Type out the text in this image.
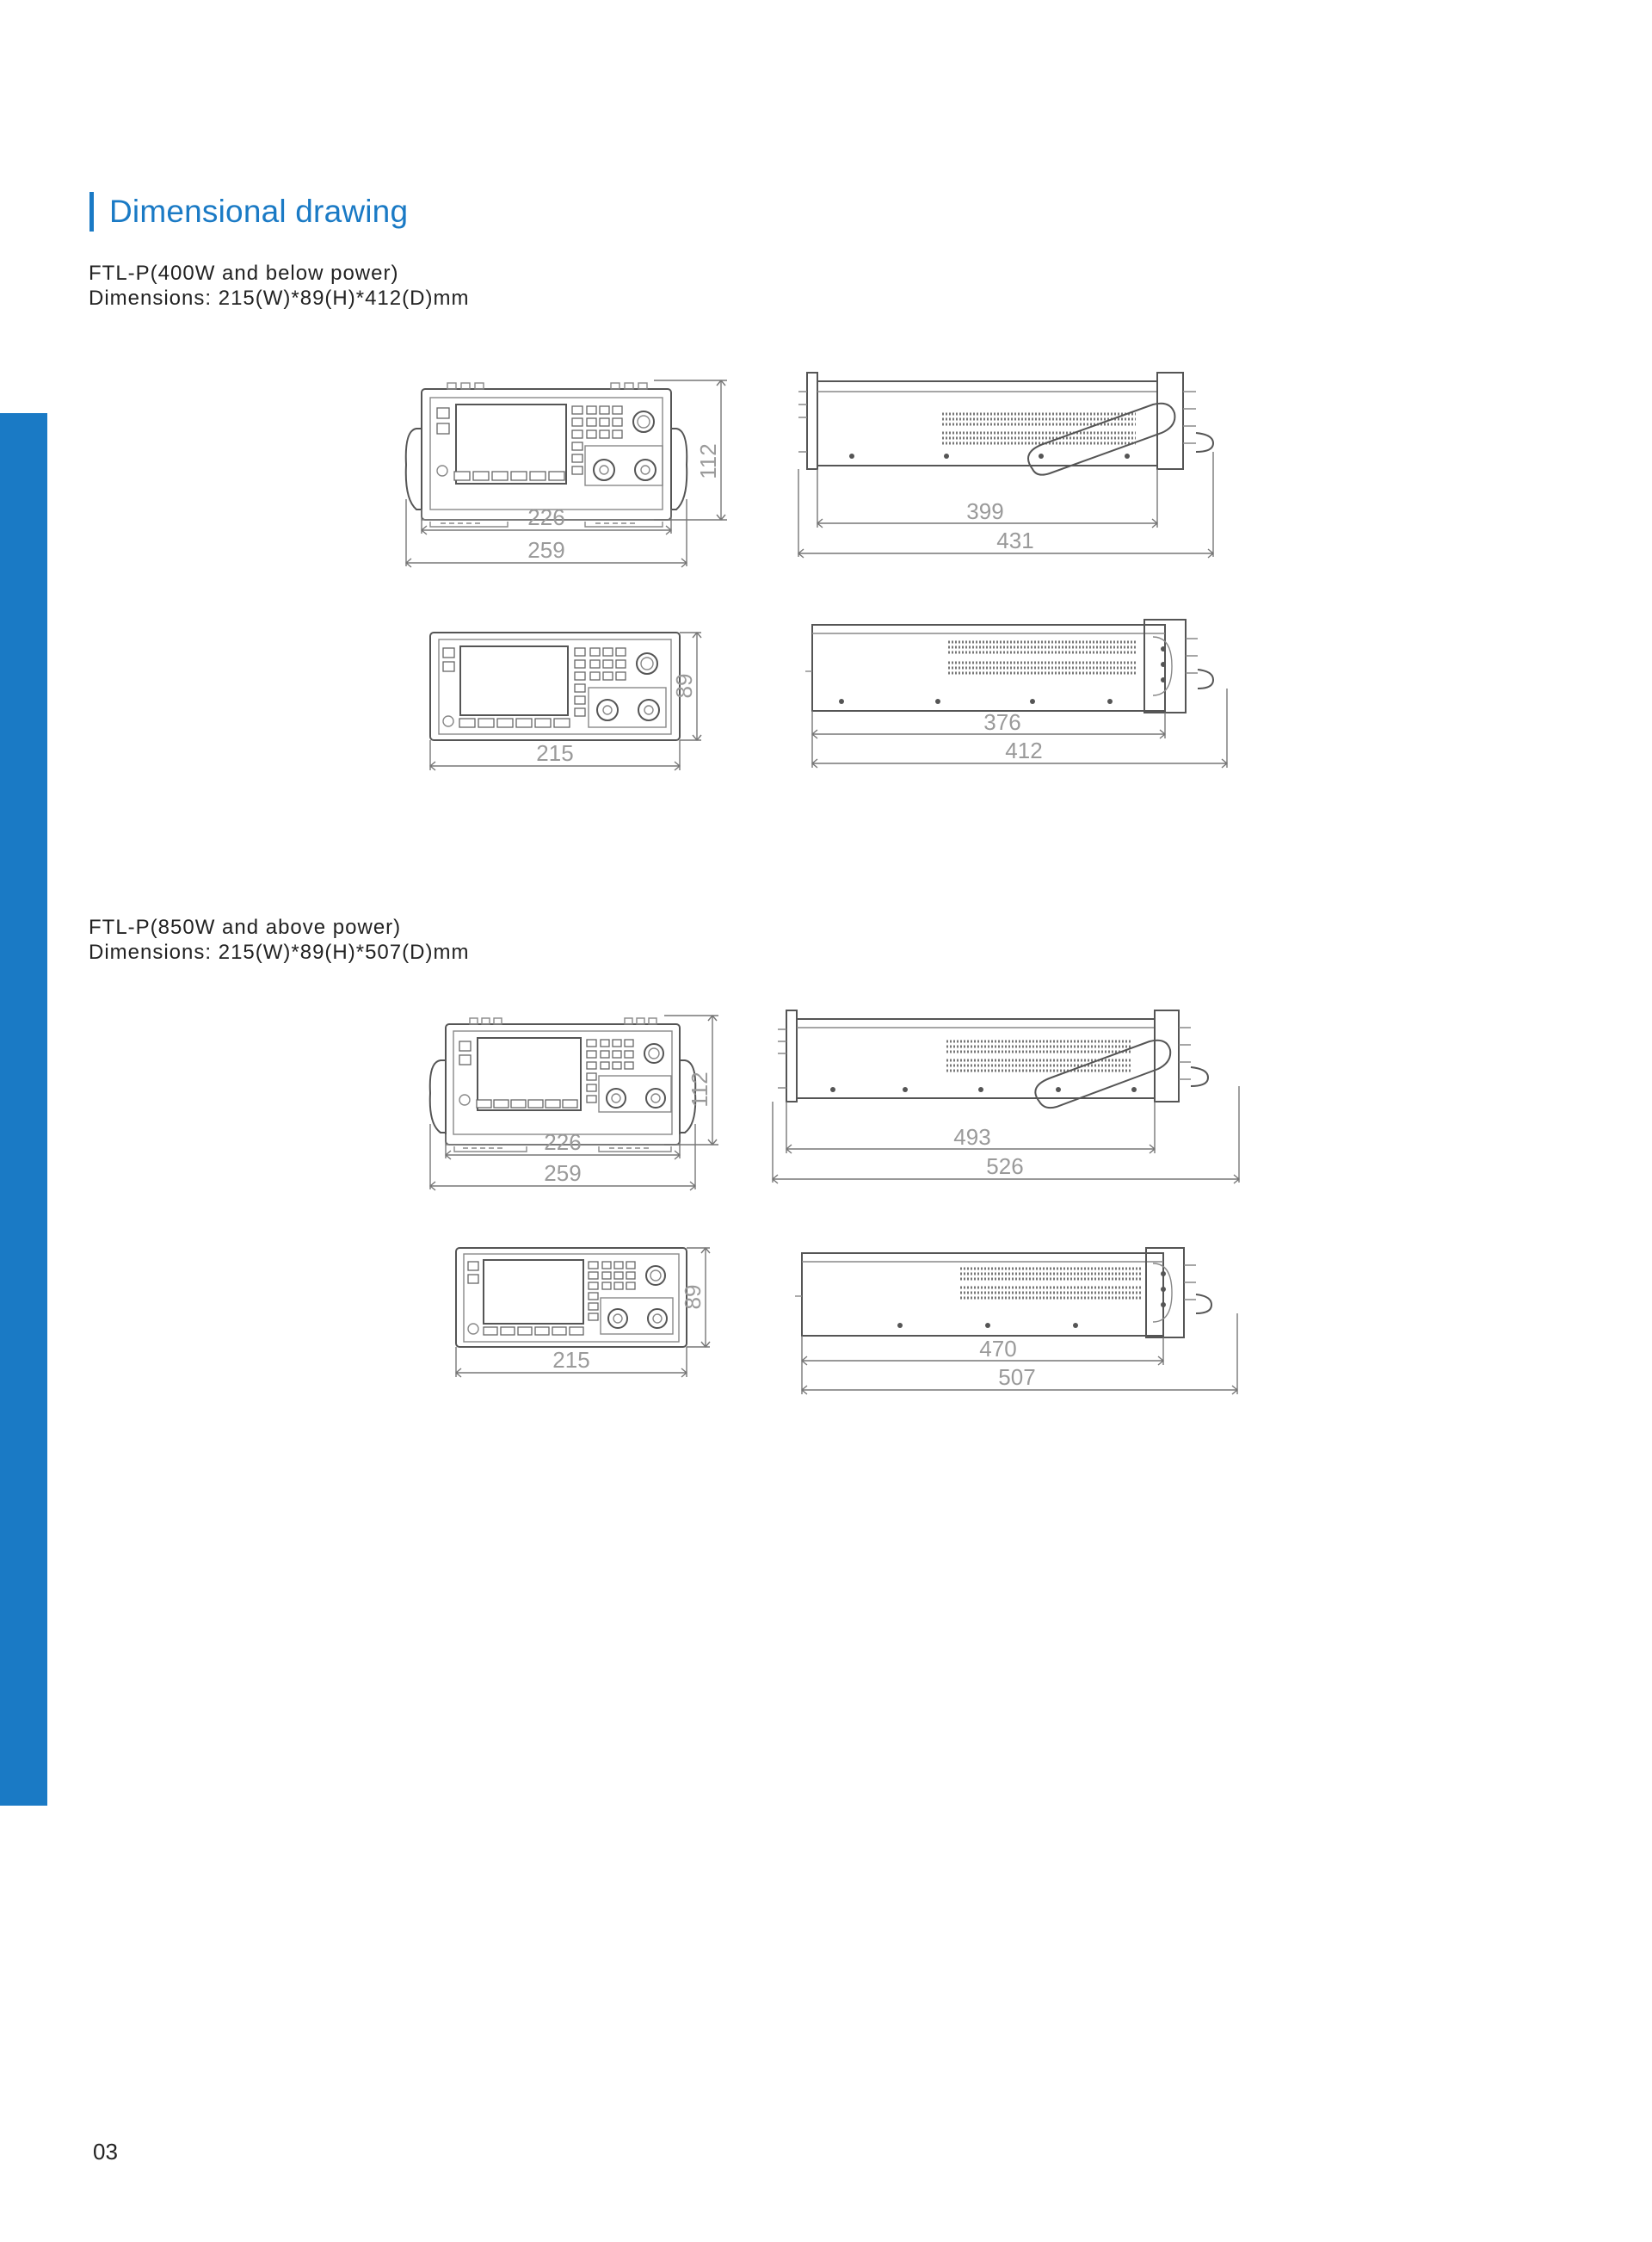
Dimensional drawing
FTL-P(400W and below power)
Dimensions: 215(W)*89(H)*412(D)mm
FTL-P(850W and above power)
Dimensions: 215(W)*89(H)*507(D)mm
112
226
259
399
431
89
215
376
412
112
226
259
493
526
89
215	470
507
03
